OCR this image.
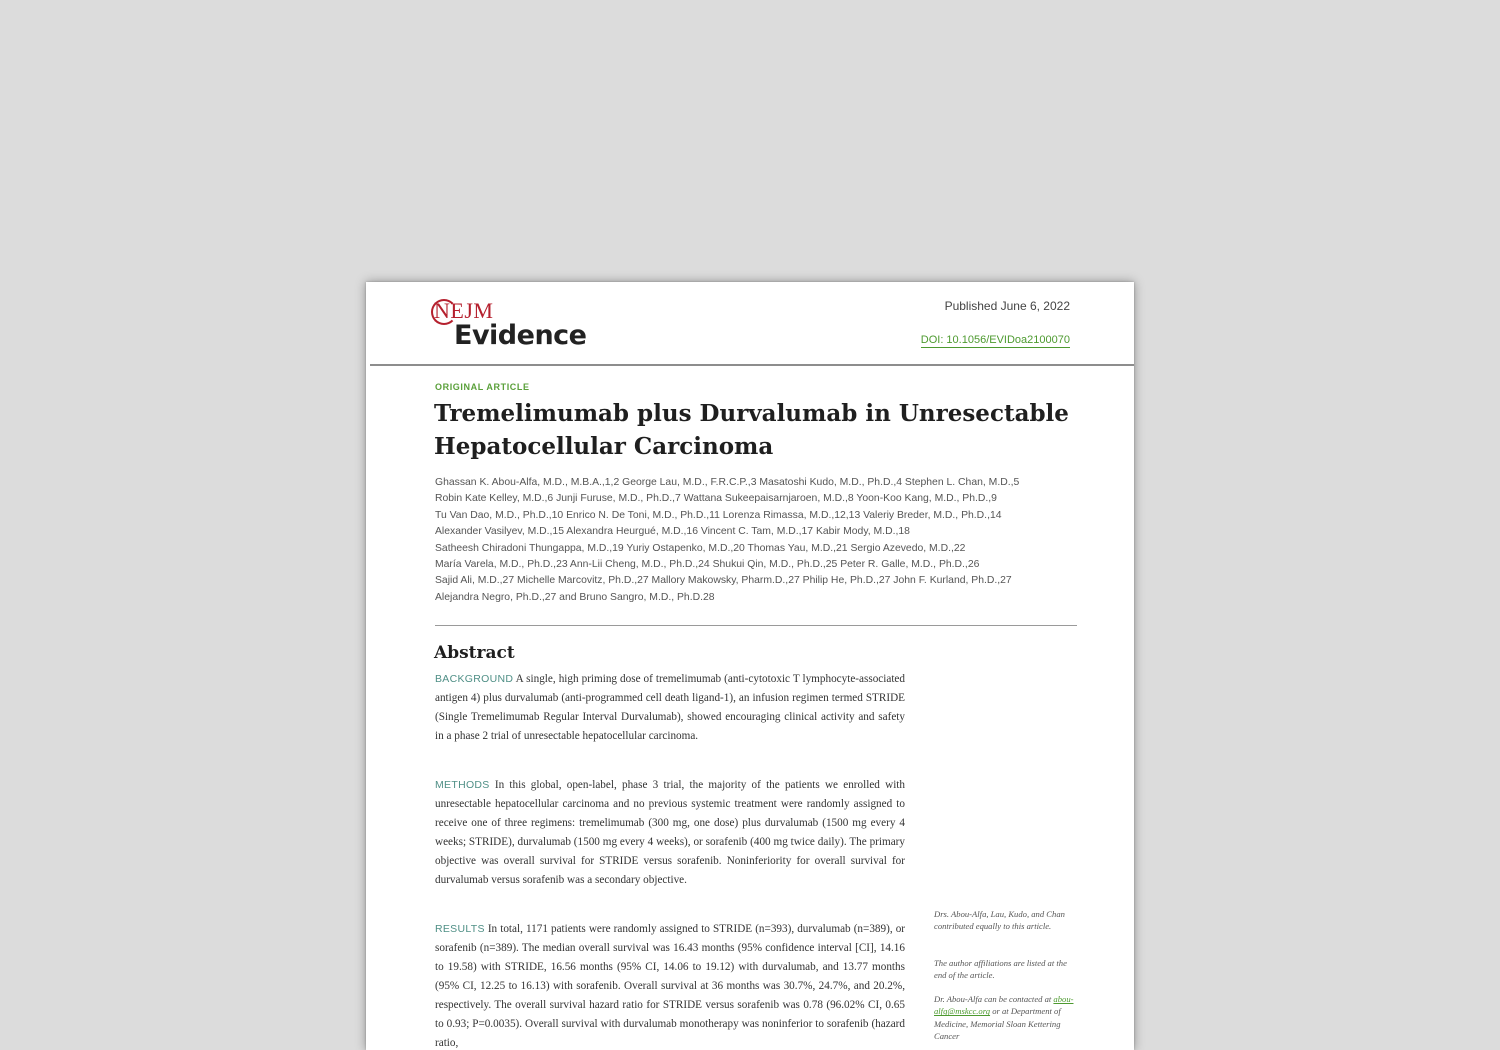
NEJM
Evidence
Published June 6, 2022
DOI: 10.1056/EVIDoa2100070
ORIGINAL ARTICLE
Tremelimumab plus Durvalumab in Unresectable Hepatocellular Carcinoma
Ghassan K. Abou-Alfa, M.D., M.B.A.,1,2 George Lau, M.D., F.R.C.P.,3 Masatoshi Kudo, M.D., Ph.D.,4 Stephen L. Chan, M.D.,5
Robin Kate Kelley, M.D.,6 Junji Furuse, M.D., Ph.D.,7 Wattana Sukeepaisarnjaroen, M.D.,8 Yoon-Koo Kang, M.D., Ph.D.,9
Tu Van Dao, M.D., Ph.D.,10 Enrico N. De Toni, M.D., Ph.D.,11 Lorenza Rimassa, M.D.,12,13 Valeriy Breder, M.D., Ph.D.,14
Alexander Vasilyev, M.D.,15 Alexandra Heurgué, M.D.,16 Vincent C. Tam, M.D.,17 Kabir Mody, M.D.,18
Satheesh Chiradoni Thungappa, M.D.,19 Yuriy Ostapenko, M.D.,20 Thomas Yau, M.D.,21 Sergio Azevedo, M.D.,22
María Varela, M.D., Ph.D.,23 Ann-Lii Cheng, M.D., Ph.D.,24 Shukui Qin, M.D., Ph.D.,25 Peter R. Galle, M.D., Ph.D.,26
Sajid Ali, M.D.,27 Michelle Marcovitz, Ph.D.,27 Mallory Makowsky, Pharm.D.,27 Philip He, Ph.D.,27 John F. Kurland, Ph.D.,27
Alejandra Negro, Ph.D.,27 and Bruno Sangro, M.D., Ph.D.28
Abstract

BACKGROUND A single, high priming dose of tremelimumab (anti-cytotoxic T lymphocyte-associated antigen 4) plus durvalumab (anti-programmed cell death ligand-1), an infusion regimen termed STRIDE (Single Tremelimumab Regular Interval Durvalumab), showed encouraging clinical activity and safety in a phase 2 trial of unresectable hepatocellular carcinoma.

METHODS In this global, open-label, phase 3 trial, the majority of the patients we enrolled with unresectable hepatocellular carcinoma and no previous systemic treatment were randomly assigned to receive one of three regimens: tremelimumab (300 mg, one dose) plus durvalumab (1500 mg every 4 weeks; STRIDE), durvalumab (1500 mg every 4 weeks), or sorafenib (400 mg twice daily). The primary objective was overall survival for STRIDE versus sorafenib. Noninferiority for overall survival for durvalumab versus sorafenib was a secondary objective.

RESULTS In total, 1171 patients were randomly assigned to STRIDE (n=393), durvalumab (n=389), or sorafenib (n=389). The median overall survival was 16.43 months (95% confidence interval [CI], 14.16 to 19.58) with STRIDE, 16.56 months (95% CI, 14.06 to 19.12) with durvalumab, and 13.77 months (95% CI, 12.25 to 16.13) with sorafenib. Overall survival at 36 months was 30.7%, 24.7%, and 20.2%, respectively. The overall survival hazard ratio for STRIDE versus sorafenib was 0.78 (96.02% CI, 0.65 to 0.93; P=0.0035). Overall survival with durvalumab monotherapy was noninferior to sorafenib (hazard ratio,

Drs. Abou-Alfa, Lau, Kudo, and Chan contributed equally to this article.

The author affiliations are listed at the end of the article.

Dr. Abou-Alfa can be contacted at abou-alfg@mskcc.org or at Department of Medicine, Memorial Sloan Kettering Cancer
